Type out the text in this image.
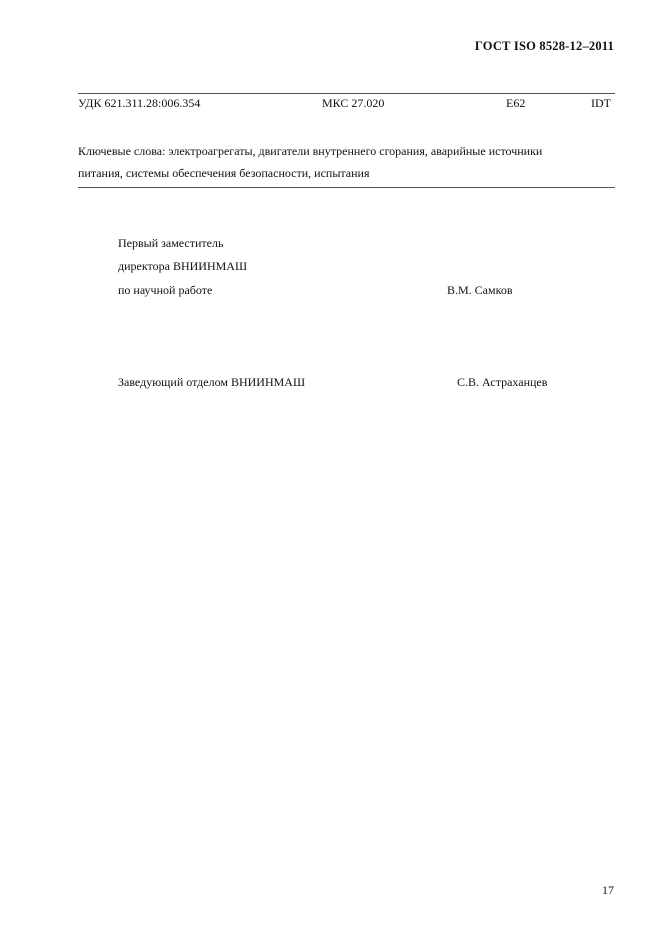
ГОСТ ISO 8528-12–2011
УДК 621.311.28:006.354	МКС 27.020	Е62	IDT
Ключевые слова: электроагрегаты, двигатели внутреннего сгорания, аварийные источники
питания, системы обеспечения безопасности, испытания
Первый заместитель
директора ВНИИНМАШ
по научной работе	В.М. Самков
Заведующий отделом ВНИИНМАШ	С.В. Астраханцев
17
